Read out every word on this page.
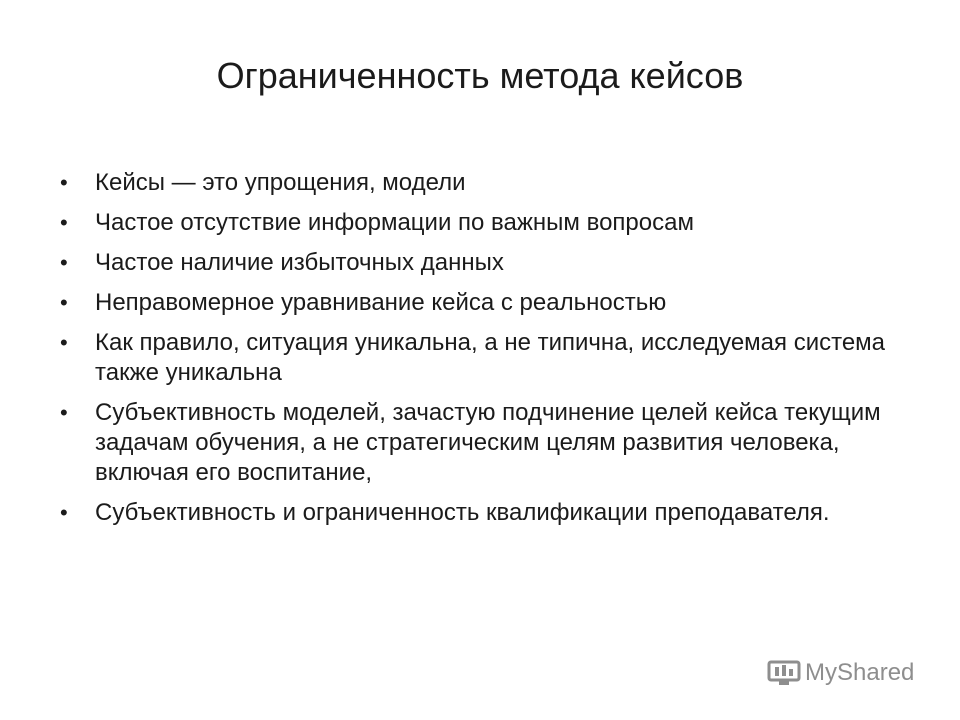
Ограниченность метода кейсов
•	Кейсы — это упрощения, модели
•	Частое отсутствие информации по важным вопросам
•	Частое наличие избыточных данных
•	Неправомерное уравнивание кейса с реальностью
•	Как правило, ситуация уникальна, а не типична, исследуемая система также уникальна
•	Субъективность моделей, зачастую подчинение целей кейса текущим задачам обучения, а не стратегическим целям развития человека, включая его воспитание,
•	Субъективность и ограниченность квалификации преподавателя.
MyShared
